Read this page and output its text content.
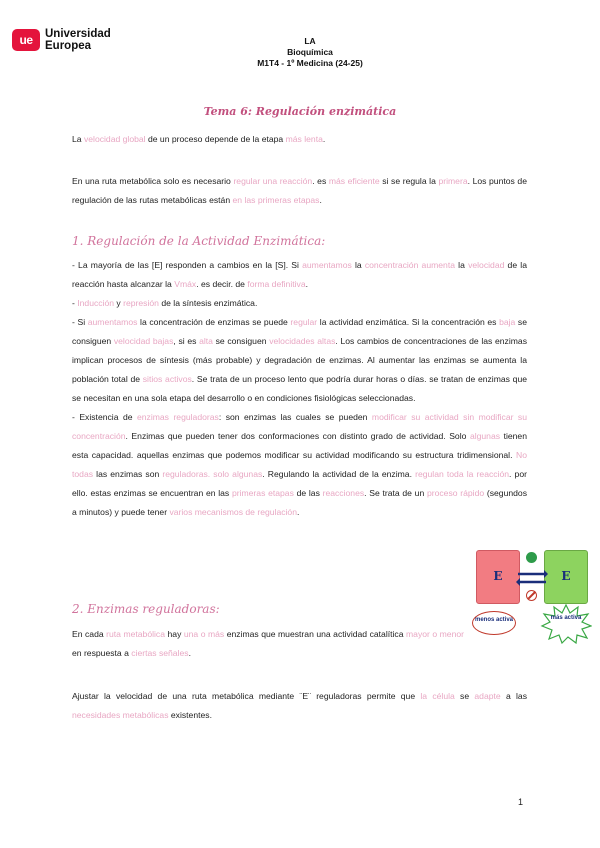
ue	Universidad
Europea	LA
Bioquímica
M1T4 - 1º Medicina (24-25)
Tema 6: Regulación enzimática
La velocidad global de un proceso depende de la etapa más lenta.
En una ruta metabólica solo es necesario regular una reacción. es más eficiente si se regula la primera. Los puntos de regulación de las rutas metabólicas están en las primeras etapas.
1. Regulación de la Actividad Enzimática:
- La mayoría de las [E] responden a cambios en la [S]. Si aumentamos la concentración aumenta la velocidad de la reacción hasta alcanzar la Vmáx. es decir. de forma definitiva.
- Inducción y represión de la síntesis enzimática.
- Si aumentamos la concentración de enzimas se puede regular la actividad enzimática. Si la concentración es baja se consiguen velocidad bajas, si es alta se consiguen velocidades altas. Los cambios de concentraciones de las enzimas implican procesos de síntesis (más probable) y degradación de enzimas. Al aumentar las enzimas se aumenta la población total de sitios activos. Se trata de un proceso lento que podría durar horas o días. se tratan de enzimas que se necesitan en una sola etapa del desarrollo o en condiciones fisiológicas seleccionadas.
- Existencia de enzimas reguladoras: son enzimas las cuales se pueden modificar su actividad sin modificar su concentración. Enzimas que pueden tener dos conformaciones con distinto grado de actividad. Solo algunas tienen esta capacidad. aquellas enzimas que podemos modificar su actividad modificando su estructura tridimensional. No todas las enzimas son reguladoras. solo algunas. Regulando la actividad de la enzima. regulan toda la reacción. por ello. estas enzimas se encuentran en las primeras etapas de las reacciones. Se trata de un proceso rápido (segundos a minutos) y puede tener varios mecanismos de regulación.
2. Enzimas reguladoras:
En cada ruta metabólica hay una o más enzimas que muestran una actividad catalítica mayor o menor en respuesta a ciertas señales.
Ajustar la velocidad de una ruta metabólica mediante ¨E¨ reguladoras permite que la célula se adapte a las necesidades metabólicas existentes.
E	E
menos activa	más activa
1
